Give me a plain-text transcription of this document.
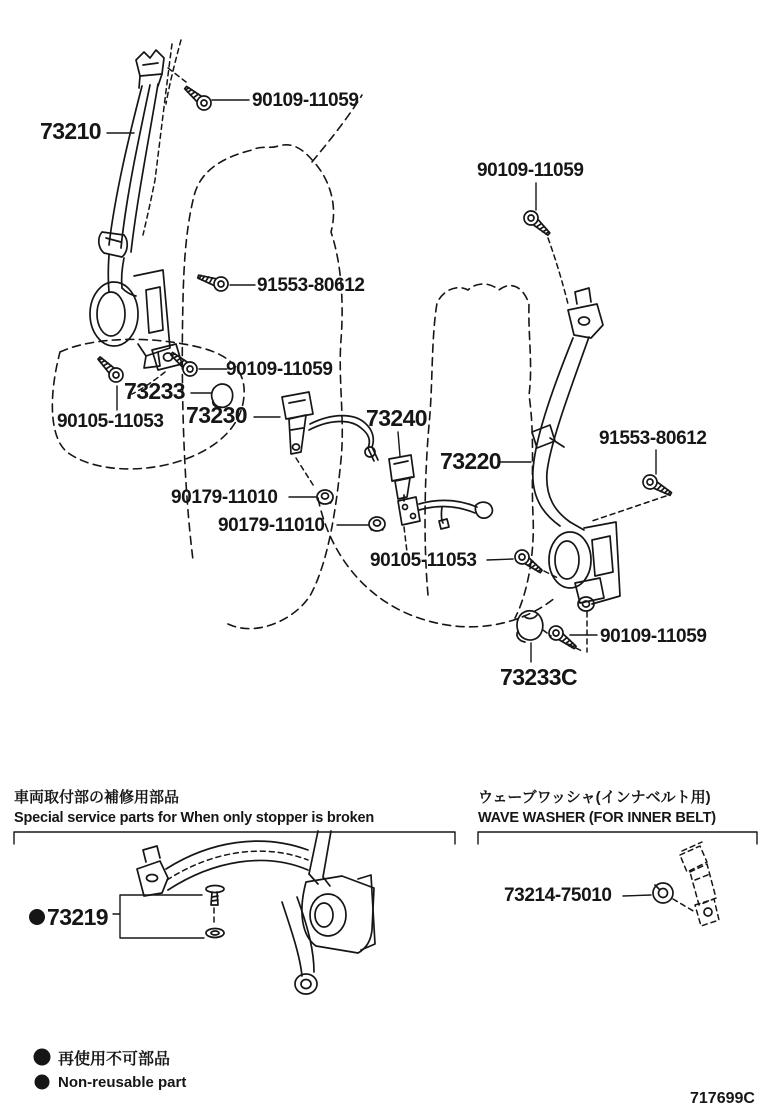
90109-11059
73210
90109-11059
91553-80612
90109-11059
73233
90105-11053 73230	73240
73220
91553-80612
90179-11010
90179-11010
90105-11053
90109-11059
73233C
73219
73214-75010
車両取付部の補修用部品
Special service parts for When only stopper is broken
ウェーブワッシャ(インナベルト用)
WAVE WASHER (FOR INNER BELT)
再使用不可部品
Non-reusable part
717699C
